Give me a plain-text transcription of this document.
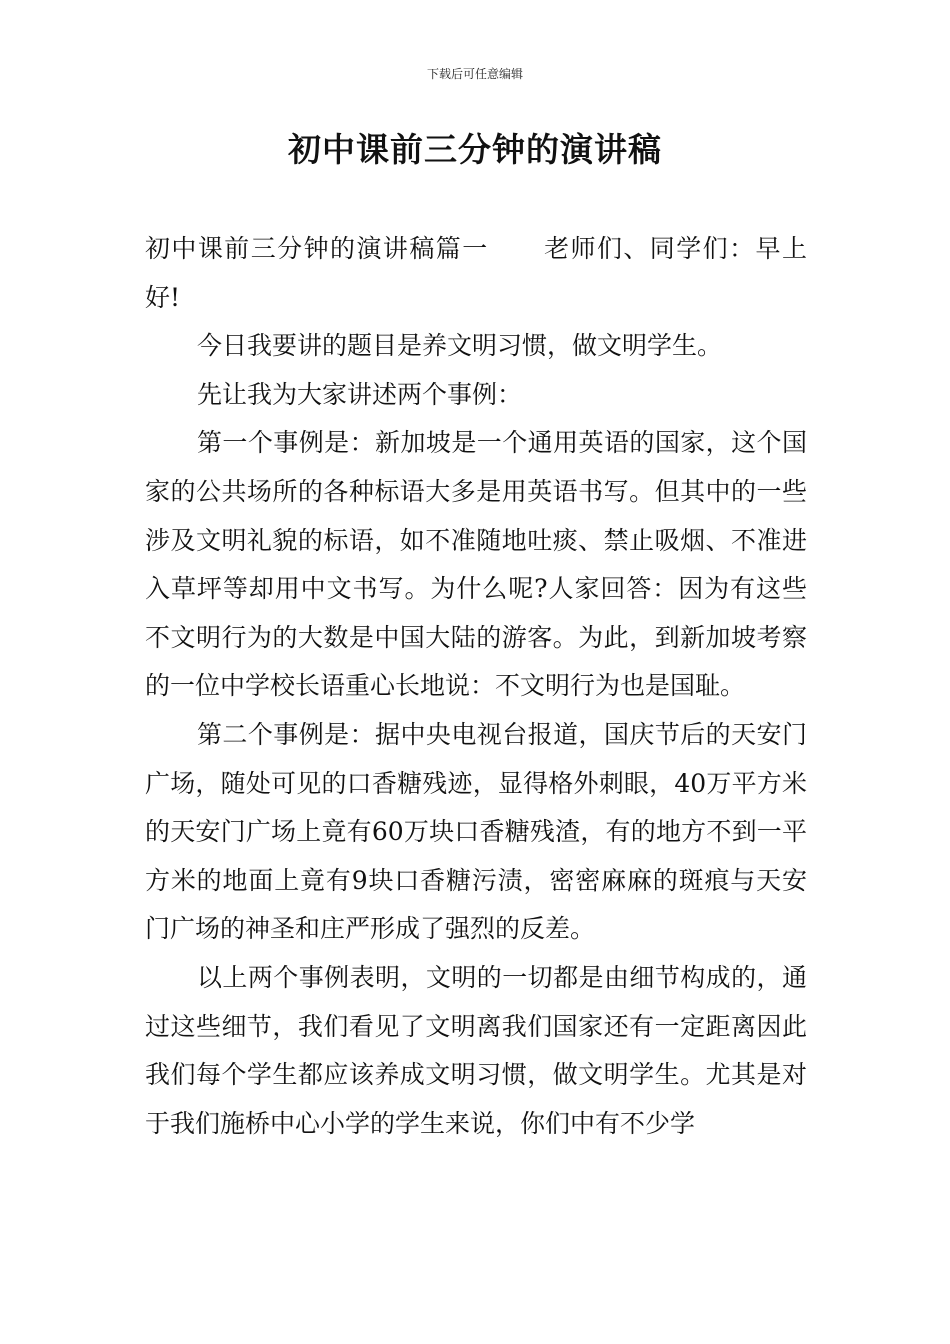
下载后可任意编辑
初中课前三分钟的演讲稿

初中课前三分钟的演讲稿篇一 老师们、同学们：早上好!

今日我要讲的题目是养文明习惯，做文明学生。

先让我为大家讲述两个事例：

第一个事例是：新加坡是一个通用英语的国家，这个国家的公共场所的各种标语大多是用英语书写。但其中的一些涉及文明礼貌的标语，如不准随地吐痰、禁止吸烟、不准进入草坪等却用中文书写。为什么呢?人家回答：因为有这些不文明行为的大数是中国大陆的游客。为此，到新加坡考察的一位中学校长语重心长地说：不文明行为也是国耻。

第二个事例是：据中央电视台报道，国庆节后的天安门广场，随处可见的口香糖残迹，显得格外刺眼，40万平方米的天安门广场上竟有60万块口香糖残渣，有的地方不到一平方米的地面上竟有9块口香糖污渍，密密麻麻的斑痕与天安门广场的神圣和庄严形成了强烈的反差。

以上两个事例表明，文明的一切都是由细节构成的，通过这些细节，我们看见了文明离我们国家还有一定距离因此我们每个学生都应该养成文明习惯，做文明学生。尤其是对于我们施桥中心小学的学生来说，你们中有不少学
